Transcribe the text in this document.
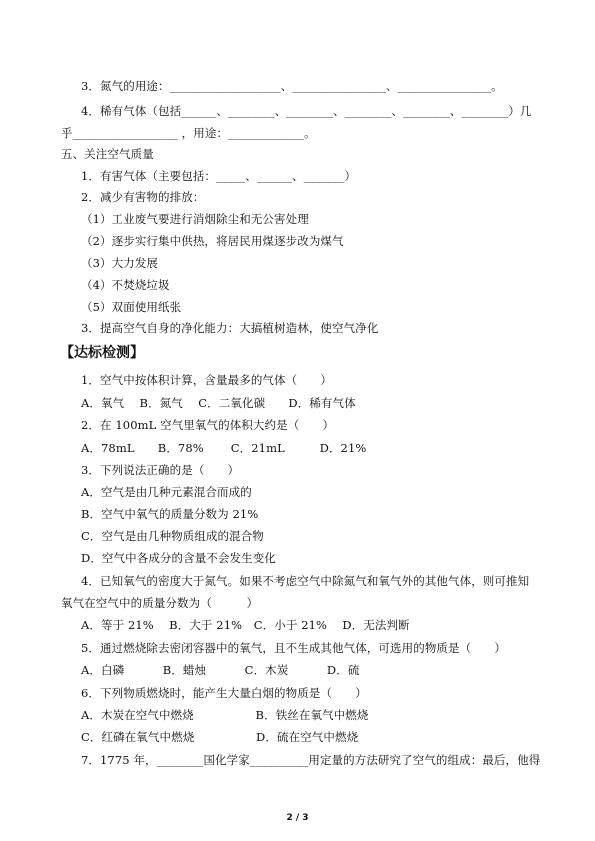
3．氮气的用途：___________________、________________、________________。
4．稀有气体（包括______、________、________、________、________、________）几
乎__________________ ，用途：_____________。
五、关注空气质量
1．有害气体（主要包括：_____、______、_______）
2．减少有害物的排放：
（1）工业废气要进行消烟除尘和无公害处理
（2）逐步实行集中供热，将居民用煤逐步改为煤气
（3）大力发展
（4）不焚烧垃圾
（5）双面使用纸张
3．提高空气自身的净化能力：大搞植树造林，使空气净化
【达标检测】
1．空气中按体积计算，含量最多的气体（　　）
A．氧气　 B．氮气　 C．二氧化碳　　D．稀有气体
2．在 100mL 空气里氧气的体积大约是（　　）
A．78mL　　B．78%　　 C．21mL　　　D．21%
3．下列说法正确的是（　　）
A．空气是由几种元素混合而成的
B．空气中氧气的质量分数为 21%
C．空气是由几种物质组成的混合物
D．空气中各成分的含量不会发生变化
4．已知氧气的密度大于氮气。如果不考虑空气中除氮气和氧气外的其他气体，则可推知
氧气在空气中的质量分数为（　　　）
A．等于 21%　 B．大于 21%　C．小于 21%　 D．无法判断
5．通过燃烧除去密闭容器中的氧气，且不生成其他气体，可选用的物质是（　　）
A．白磷　　　 B．蜡烛　　　 C．木炭　　　 D．硫
6．下列物质燃烧时，能产生大量白烟的物质是（　　）
A．木炭在空气中燃烧　　　　　 B．铁丝在氧气中燃烧
C．红磷在氧气中燃烧　　　　　 D．硫在空气中燃烧
7．1775 年，________国化学家__________用定量的方法研究了空气的组成：最后，他得
2 / 3
